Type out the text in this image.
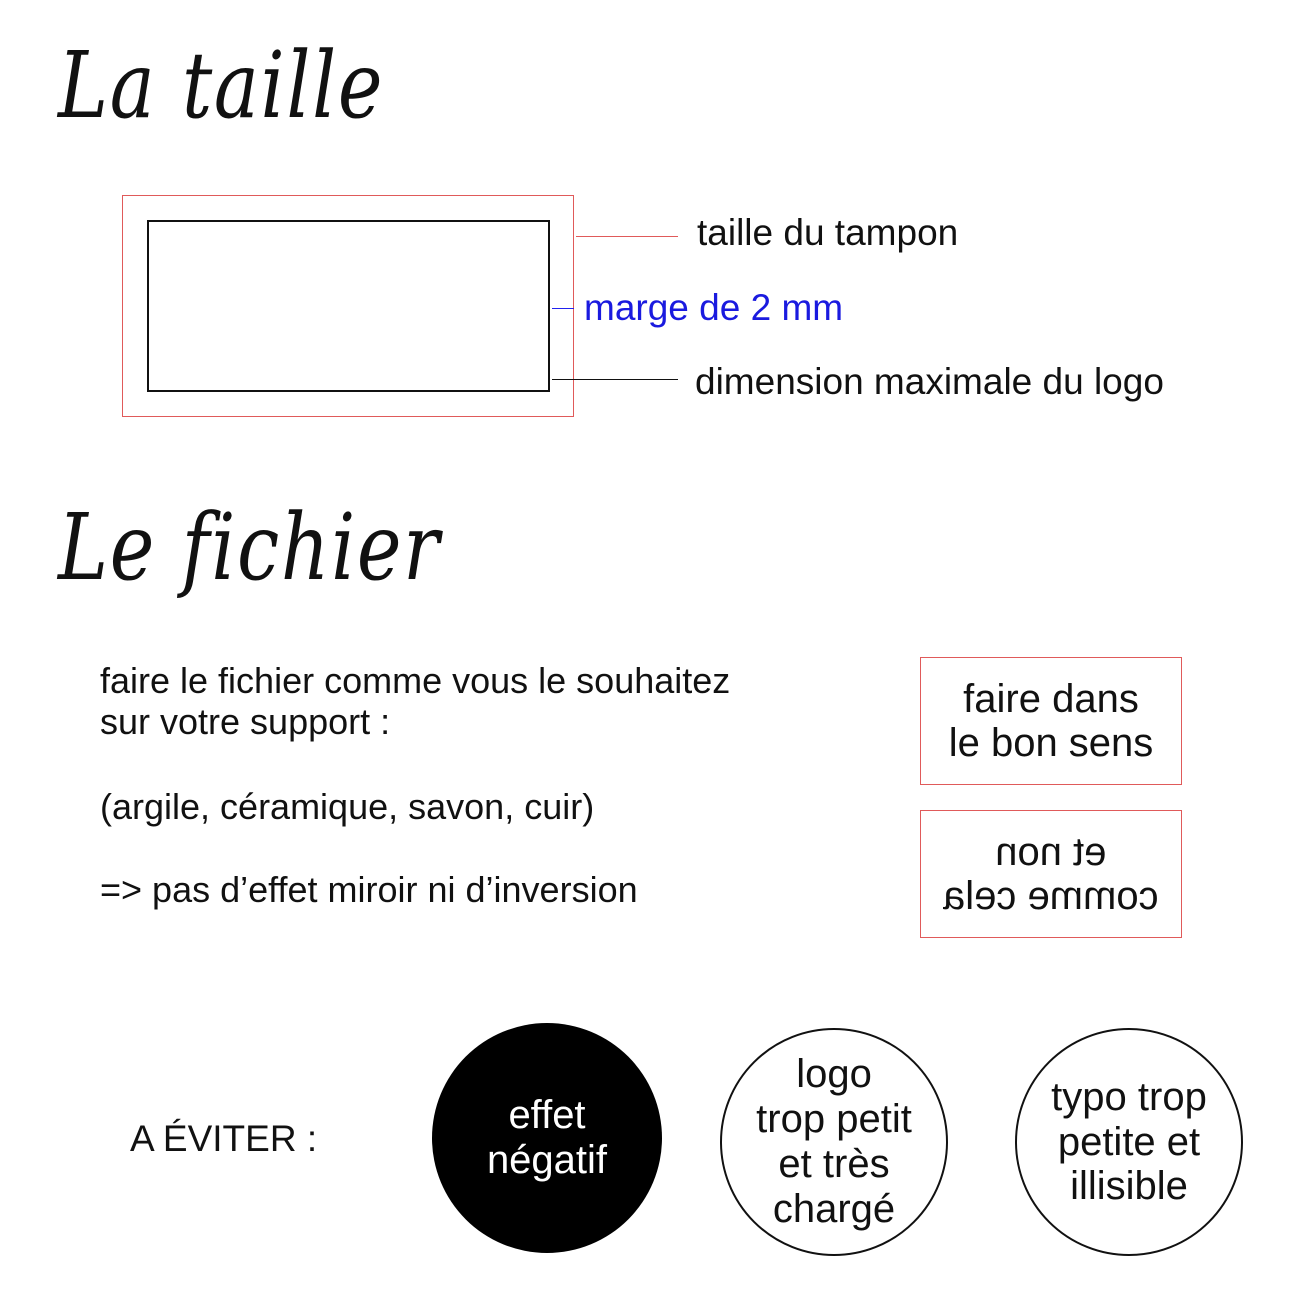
La taille
taille du tampon
marge de 2 mm
dimension maximale du logo
Le fichier
faire le fichier comme vous le souhaitez
sur votre support :
(argile, céramique, savon, cuir)
=> pas d’effet miroir ni d’inversion
faire dans
le bon sens
et non
comme cela
A ÉVITER :
effet
négatif
logo
trop petit
et très
chargé
typo trop
petite et
illisible
